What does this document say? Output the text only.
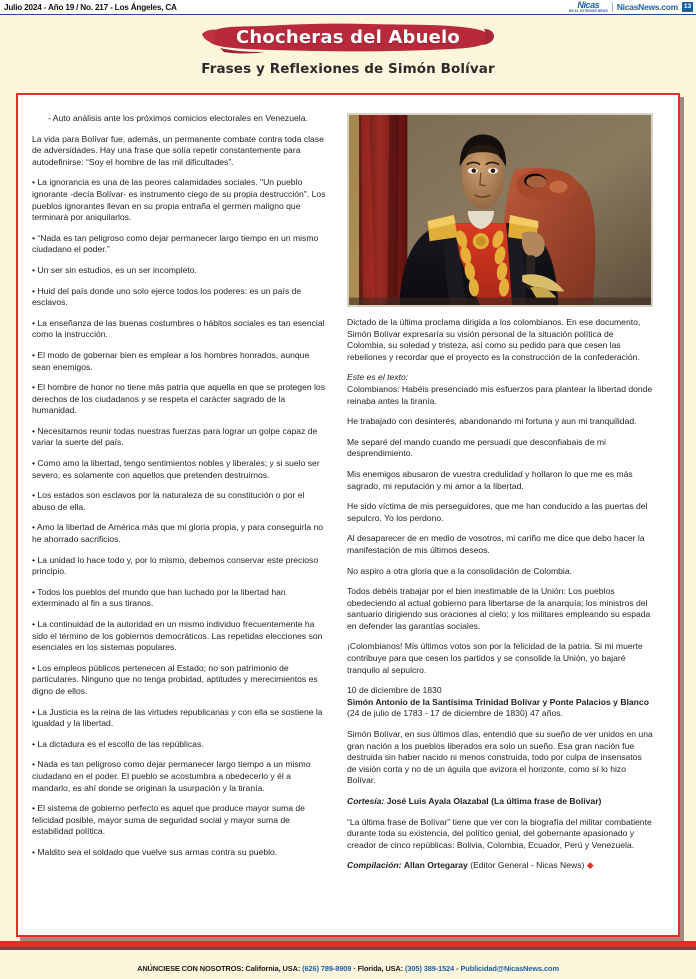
Julio 2024 - Año 19 / No. 217 - Los Ángeles, CA	Nicas
EN EL EXTERIOR NEWS NicasNews.com 13
Chocheras del Abuelo
Frases y Reflexiones de Simón Bolívar

- Auto análisis ante los próximos comicios electorales en Venezuela.

La vida para Bolívar fue, además, un permanente combate contra toda clase de adversidades. Hay una frase que solía repetir constantemente para autodefinirse: “Soy el hombre de las mil dificultades”.

• La ignorancia es una de las peores calamidades sociales. "Un pueblo ignorante -decía Bolívar- es instrumento ciego de su propia destrucción". Los pueblos ignorantes llevan en su propia entraña el germen maligno que terminará por aniquilarlos.

• “Nada es tan peligroso como dejar permanecer largo tiempo en un mismo ciudadano el poder.”

• Un ser sin estudios, es un ser incompleto.

• Huid del país donde uno solo ejerce todos los poderes: es un país de esclavos.

• La enseñanza de las buenas costumbres o hábitos sociales es tan esencial como la instrucción.

• El modo de gobernar bien es emplear a los hombres honrados, aunque sean enemigos.

• El hombre de honor no tiene más patria que aquella en que se protegen los derechos de los ciudadanos y se respeta el carácter sagrado de la humanidad.

• Necesitamos reunir todas nuestras fuerzas para lograr un golpe capaz de variar la suerte del país.

• Como amo la libertad, tengo sentimientos nobles y liberales; y si suelo ser severo, es solamente con aquellos que pretenden destruirnos.

• Los estados son esclavos por la naturaleza de su constitución o por el abuso de ella.

• Amo la libertad de América más que mi gloria propia, y para conseguirla no he ahorrado sacrificios.

• La unidad lo hace todo y, por lo mismo, debemos conservar este precioso principio.

• Todos los pueblos del mundo que han luchado por la libertad han exterminado al fin a sus tiranos.

• La continuidad de la autoridad en un mismo individuo frecuentemente ha sido el término de los gobiernos democráticos. Las repetidas elecciones son esenciales en los sistemas populares.

• Los empleos públicos pertenecen al Estado; no son patrimonio de particulares. Ninguno que no tenga probidad, aptitudes y merecimientos es digno de ellos.

• La Justicia es la reina de las virtudes republicanas y con ella se sostiene la igualdad y la libertad.

• La dictadura es el escollo de las repúblicas.

• Nada es tan peligroso como dejar permanecer largo tiempo a un mismo ciudadano en el poder. El pueblo se acostumbra a obedecerlo y él a mandarlo, es ahí donde se originan la usurpación y la tiranía.

• El sistema de gobierno perfecto es aquel que produce mayor suma de felicidad posible, mayor suma de seguridad social y mayor suma de estabilidad política.

• Maldito sea el soldado que vuelve sus armas contra su pueblo.

Dictado de la última proclama dirigida a los colombianos. En ese documento, Simón Bolívar expresaría su visión personal de la situación política de Colombia, su soledad y tristeza, así como su pedido para que cesen las rebeliones y recordar que el proyecto es la construcción de la confederación.

Este es el texto:
Colombianos: Habéis presenciado mis esfuerzos para plantear la libertad donde reinaba antes la tiranía.

He trabajado con desinterés, abandonando mi fortuna y aun mi tranquilidad.

Me separé del mando cuando me persuadí que desconfiabais de mi desprendimiento.

Mis enemigos abusaron de vuestra credulidad y hollaron lo que me es más sagrado, mi reputación y mi amor a la libertad.

He sido víctima de mis perseguidores, que me han conducido a las puertas del sepulcro. Yo los perdono.

Al desaparecer de en medio de vosotros, mi cariño me dice que debo hacer la manifestación de mis últimos deseos.

No aspiro a otra gloria que a la consolidación de Colombia.

Todos debéis trabajar por el bien inestimable de la Unión: Los pueblos obedeciendo al actual gobierno para libertarse de la anarquía; los ministros del santuario dirigiendo sus oraciones al cielo; y los militares empleando su espada en defender las garantías sociales.

¡Colombianos! Mis últimos votos son por la felicidad de la patria. Si mi muerte contribuye para que cesen los partidos y se consolide la Unión, yo bajaré tranquilo al sepulcro.

10 de diciembre de 1830
Simón Antonio de la Santísima Trinidad Bolívar y Ponte Palacios y Blanco (24 de julio de 1783 - 17 de diciembre de 1830) 47 años.

Simón Bolívar, en sus últimos días, entendió que su sueño de ver unidos en una gran nación a los pueblos liberados era solo un sueño. Esa gran nación fue destruida sin haber nacido ni menos construida, todo por culpa de insensatos de visión corta y no de un águila que avizora el horizonte, como sí lo hizo Bolívar.

Cortesía: José Luis Ayala Olazabal (La última frase de Bolívar)

“La última frase de Bolívar” tiene que ver con la biografía del militar combatiente durante toda su existencia, del político genial, del gobernante apasionado y creador de cinco repúblicas: Bolivia, Colombia, Ecuador, Perú y Venezuela.

Compilación: Allan Ortegaray (Editor General - Nicas News) ◆

ANÚNCIESE CON NOSOTROS: California, USA: (626) 789-8909 · Florida, USA: (305) 389-1524 - Publicidad@NicasNews.com
